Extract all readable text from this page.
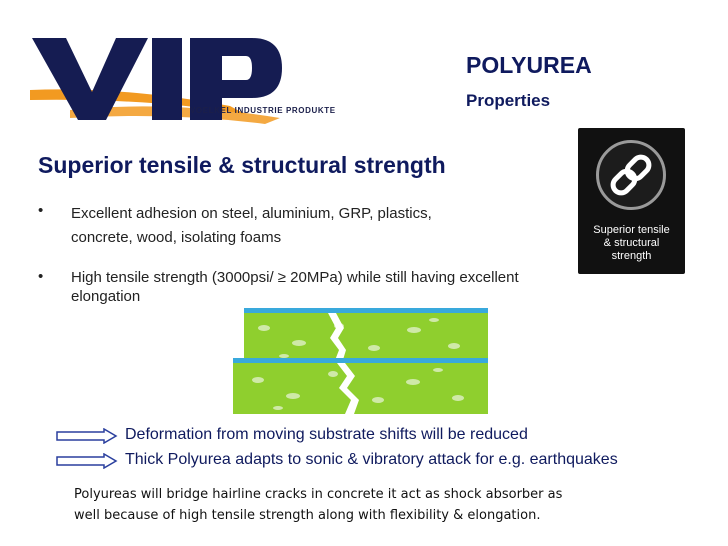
VOELKEL INDUSTRIE PRODUKTE
POLYUREA
Properties
Superior tensile & structural strength
• Excellent adhesion on steel, aluminium, GRP, plastics,
concrete, wood, isolating foams
• High tensile strength (3000psi/ ≥ 20MPa) while still having excellent
elongation
Superior tensile
& structural
strength
Deformation from moving substrate shifts will be reduced
Thick Polyurea adapts to sonic & vibratory attack for e.g. earthquakes
Polyureas will bridge hairline cracks in concrete it act as shock absorber as
well because of high tensile strength along with flexibility & elongation.
